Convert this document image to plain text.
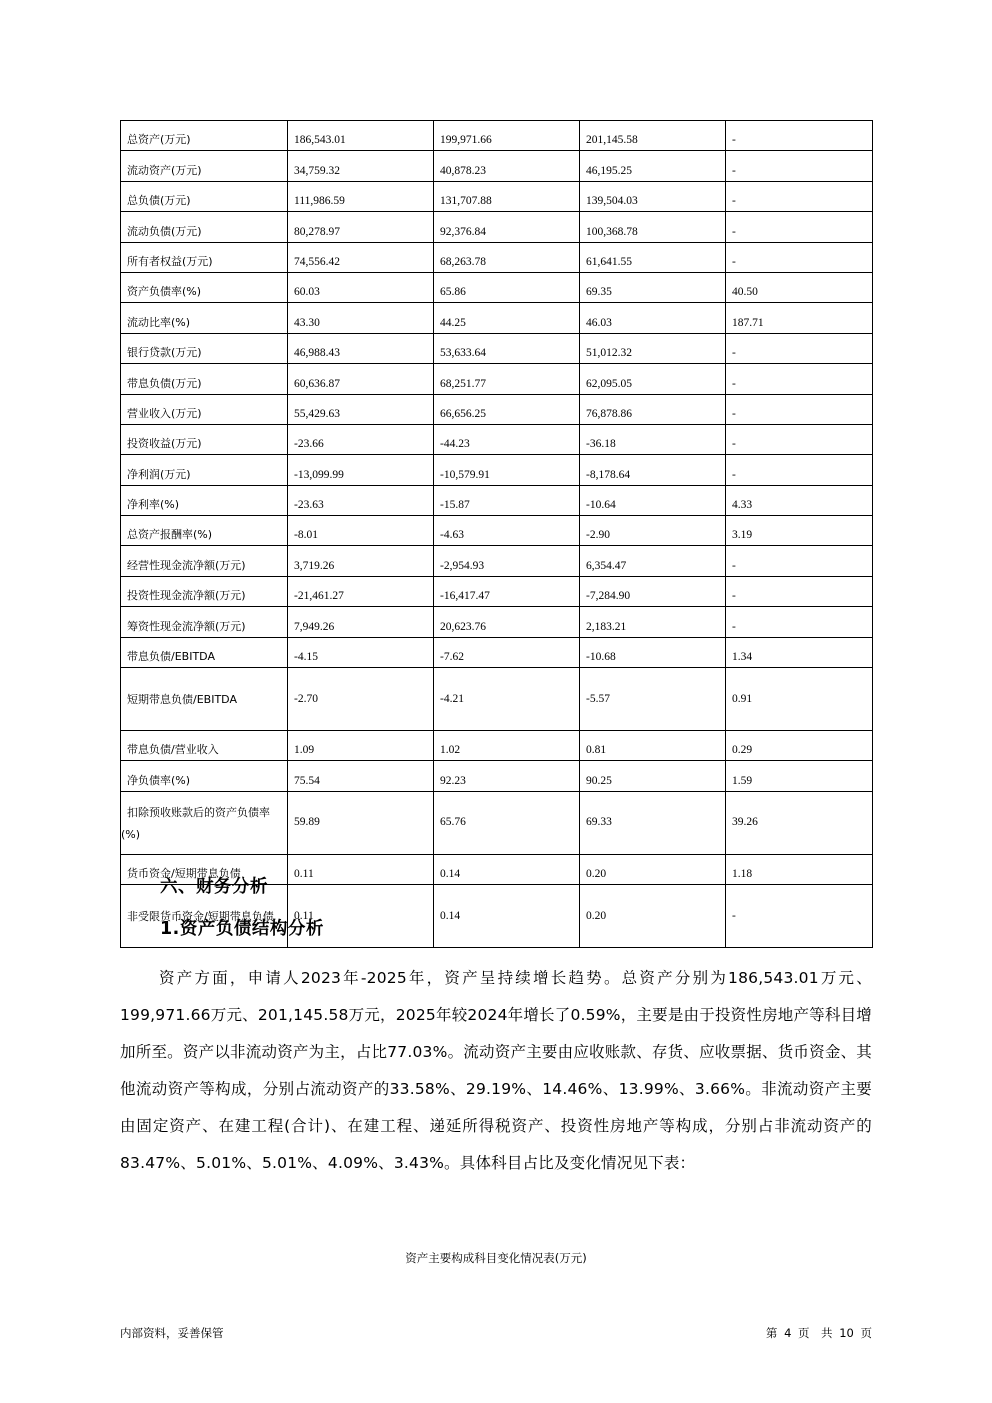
总资产(万元)	186,543.01	199,971.66	201,145.58	-
流动资产(万元)	34,759.32	40,878.23	46,195.25	-
总负债(万元)	111,986.59	131,707.88	139,504.03	-
流动负债(万元)	80,278.97	92,376.84	100,368.78	-
所有者权益(万元)	74,556.42	68,263.78	61,641.55	-
资产负债率(%)	60.03	65.86	69.35	40.50
流动比率(%)	43.30	44.25	46.03	187.71
银行贷款(万元)	46,988.43	53,633.64	51,012.32	-
带息负债(万元)	60,636.87	68,251.77	62,095.05	-
营业收入(万元)	55,429.63	66,656.25	76,878.86	-
投资收益(万元)	-23.66	-44.23	-36.18	-
净利润(万元)	-13,099.99	-10,579.91	-8,178.64	-
净利率(%)	-23.63	-15.87	-10.64	4.33
总资产报酬率(%)	-8.01	-4.63	-2.90	3.19
经营性现金流净额(万元)	3,719.26	-2,954.93	6,354.47	-
投资性现金流净额(万元)	-21,461.27	-16,417.47	-7,284.90	-
筹资性现金流净额(万元)	7,949.26	20,623.76	2,183.21	-
带息负债/EBITDA	-4.15	-7.62	-10.68	1.34
短期带息负债/EBITDA	-2.70	-4.21	-5.57	0.91
带息负债/营业收入	1.09	1.02	0.81	0.29
净负债率(%)	75.54	92.23	90.25	1.59
扣除预收账款后的资产负债率(%)	59.89	65.76	69.33	39.26
货币资金/短期带息负债	0.11	0.14	0.20	1.18
非受限货币资金/短期带息负债	0.11	0.14	0.20	-
六、财务分析
1.资产负债结构分析

资产方面，申请人2023年-2025年，资产呈持续增长趋势。总资产分别为186,543.01万元、199,971.66万元、201,145.58万元，2025年较2024年增长了0.59%，主要是由于投资性房地产等科目增加所至。资产以非流动资产为主，占比77.03%。流动资产主要由应收账款、存货、应收票据、货币资金、其他流动资产等构成，分别占流动资产的33.58%、29.19%、14.46%、13.99%、3.66%。非流动资产主要由固定资产、在建工程(合计)、在建工程、递延所得税资产、投资性房地产等构成，分别占非流动资产的83.47%、5.01%、5.01%、4.09%、3.43%。具体科目占比及变化情况见下表：

资产主要构成科目变化情况表(万元)
内部资料，妥善保管	第 4 页　共 10 页
